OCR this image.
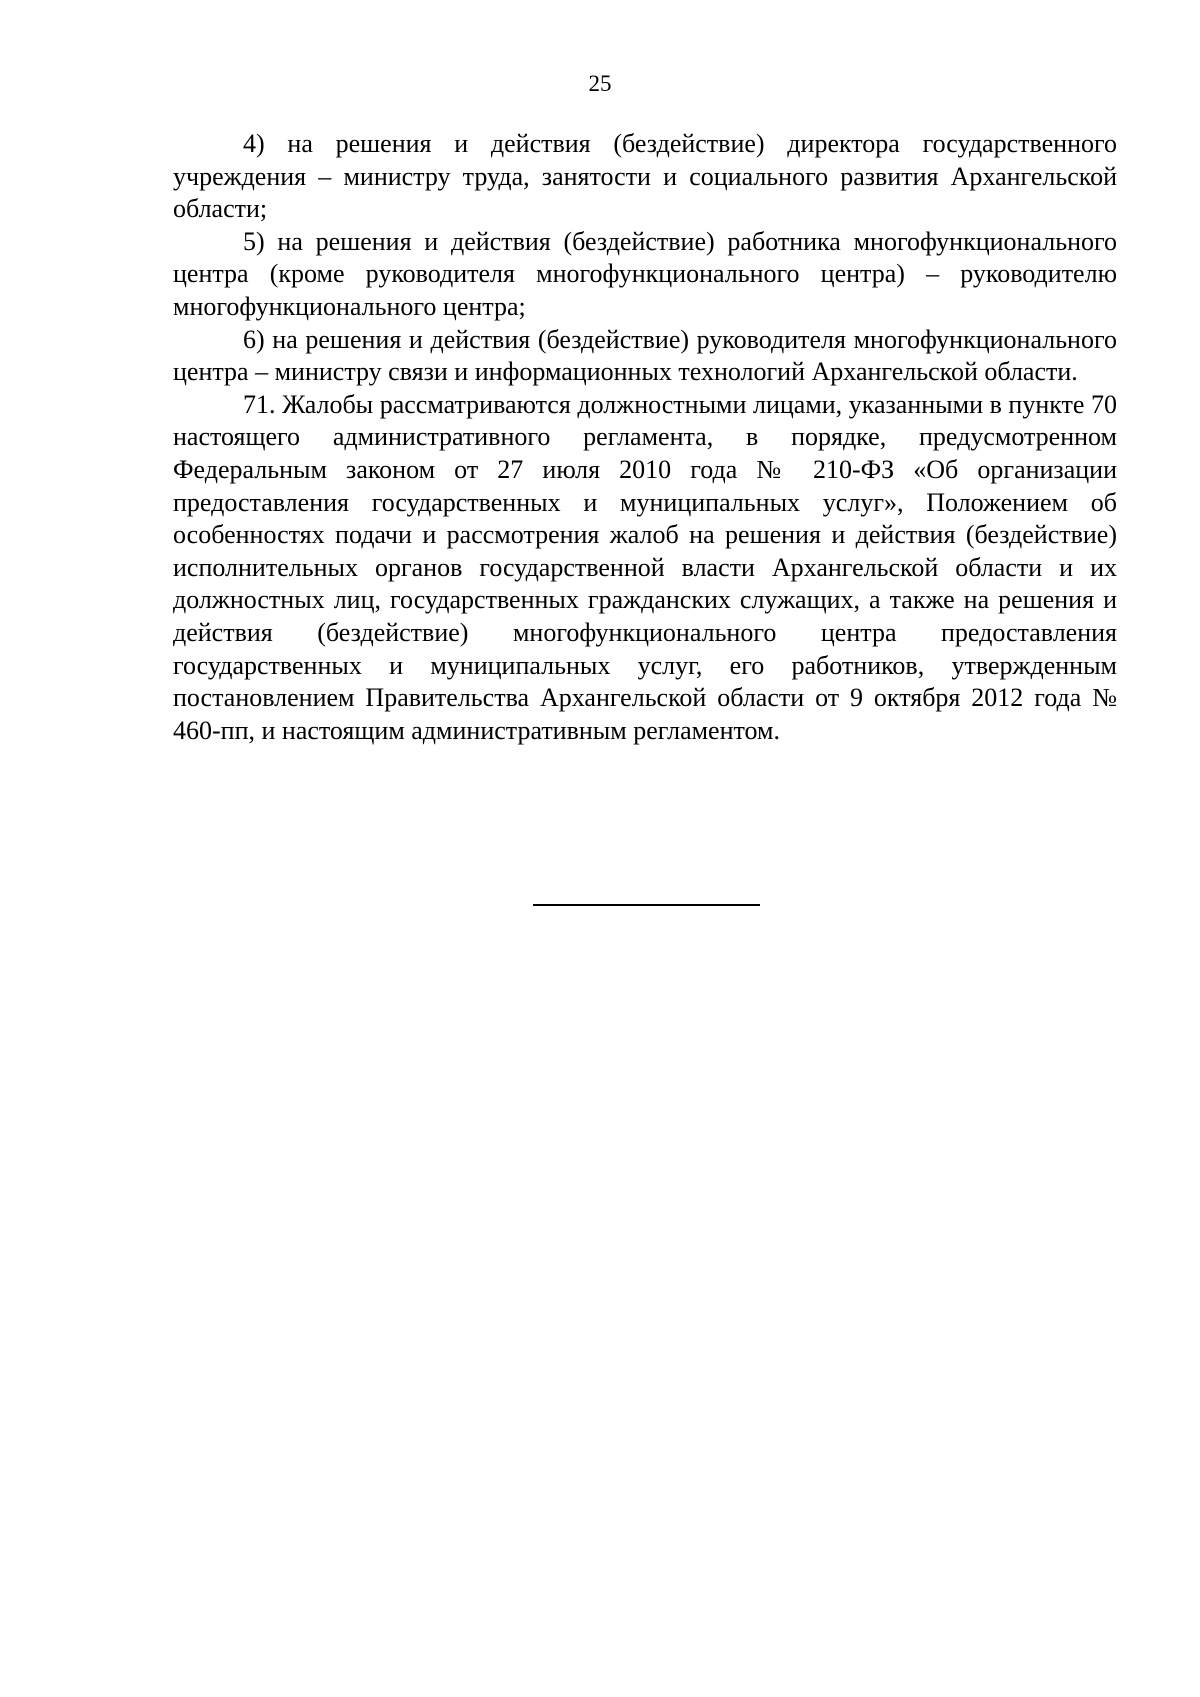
25

4) на решения и действия (бездействие) директора государственного учреждения – министру труда, занятости и социального развития Архангельской области;

5) на решения и действия (бездействие) работника многофункционального центра (кроме руководителя многофункционального центра) – руководителю многофункционального центра;

6) на решения и действия (бездействие) руководителя многофункционального центра – министру связи и информационных технологий Архангельской области.

71. Жалобы рассматриваются должностными лицами, указанными в пункте 70 настоящего административного регламента, в порядке, предусмотренном Федеральным законом от 27 июля 2010 года № 210-ФЗ «Об организации предоставления государственных и муниципальных услуг», Положением об особенностях подачи и рассмотрения жалоб на решения и действия (бездействие) исполнительных органов государственной власти Архангельской области и их должностных лиц, государственных гражданских служащих, а также на решения и действия (бездействие) многофункционального центра предоставления государственных и муниципальных услуг, его работников, утвержденным постановлением Правительства Архангельской области от 9 октября 2012 года № 460-пп, и настоящим административным регламентом.
